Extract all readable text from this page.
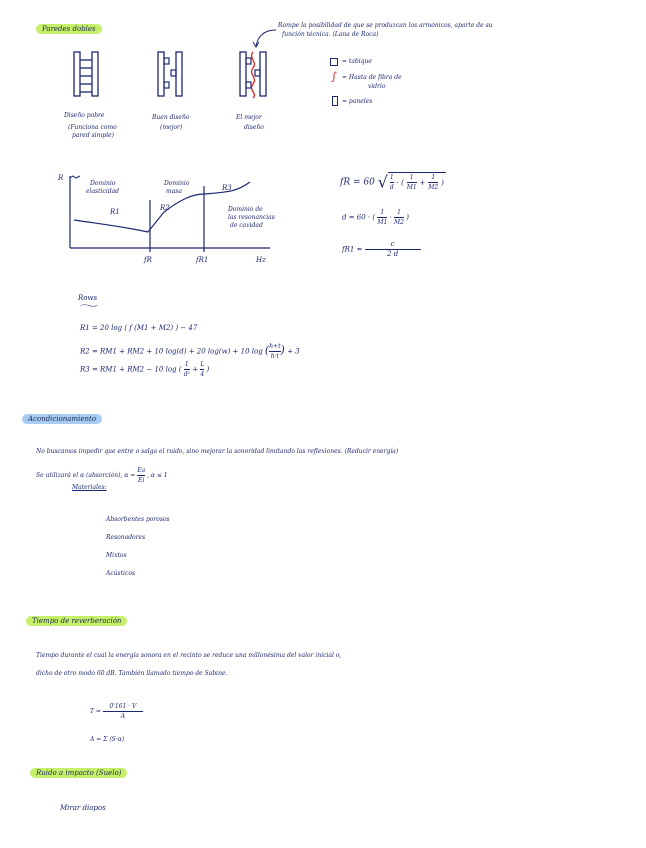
Paredes dobles
Diseño pobre
(Funciona como
pared simple)
Buen diseño
(mejor)
El mejor
diseño
Rompe la posibilidad de que se produzcan los armónicos, aparte de su
función técnica. (Lana de Roca)
= tabique
∫ = Hasta de fibra de
vidrio
= paneles
R
Hz
Dominio
elasticidad
Dominio
masa
Dominio de
las resonancias
de cavidad
R1	R2
R3
fR	fR1
fR = 60 √ $\frac{1}{d}$ · ( $\frac{1}{M1} + \frac{1}{M2}$ )
d = 60 · ( $\frac{1}{M1} \cdot \frac{1}{M2}$ )
$fR1 = \frac{c}{2 d}$
Rows
R1 = 20 log ( f (M1 + M2) ) − 47
R2 = RM1 + RM2 + 10 log(d) + 20 log(w) + 10 log ( $\frac{h+t}{h\cdot t}$ ) + 3
R3 = RM1 + RM2 − 10 log ( $\frac{1}{\text{d²}} + \frac{L}{4}$ )
Acondicionamiento
No buscamos impedir que entre o salga el ruido, sino mejorar la sonoridad limitando las reflexiones. (Reducir energía)
Se utilizará el α (absorción), $\alpha = \frac{Ea}{Ei}$ , α ≤ 1
Materiales:
Absorbentes porosos
Resonadores
Mixtos
Acústicos
Tiempo de reverberación
Tiempo durante el cual la energía sonora en el recinto se reduce una millonésima del valor inicial o,
dicho de otro modo 60 dB. También llamado tiempo de Sabine.
$T = \frac{0'161 \cdot V}{A}$
A = Σ (S·α)
Ruido a impacto (Suelo)
Mirar diapos
